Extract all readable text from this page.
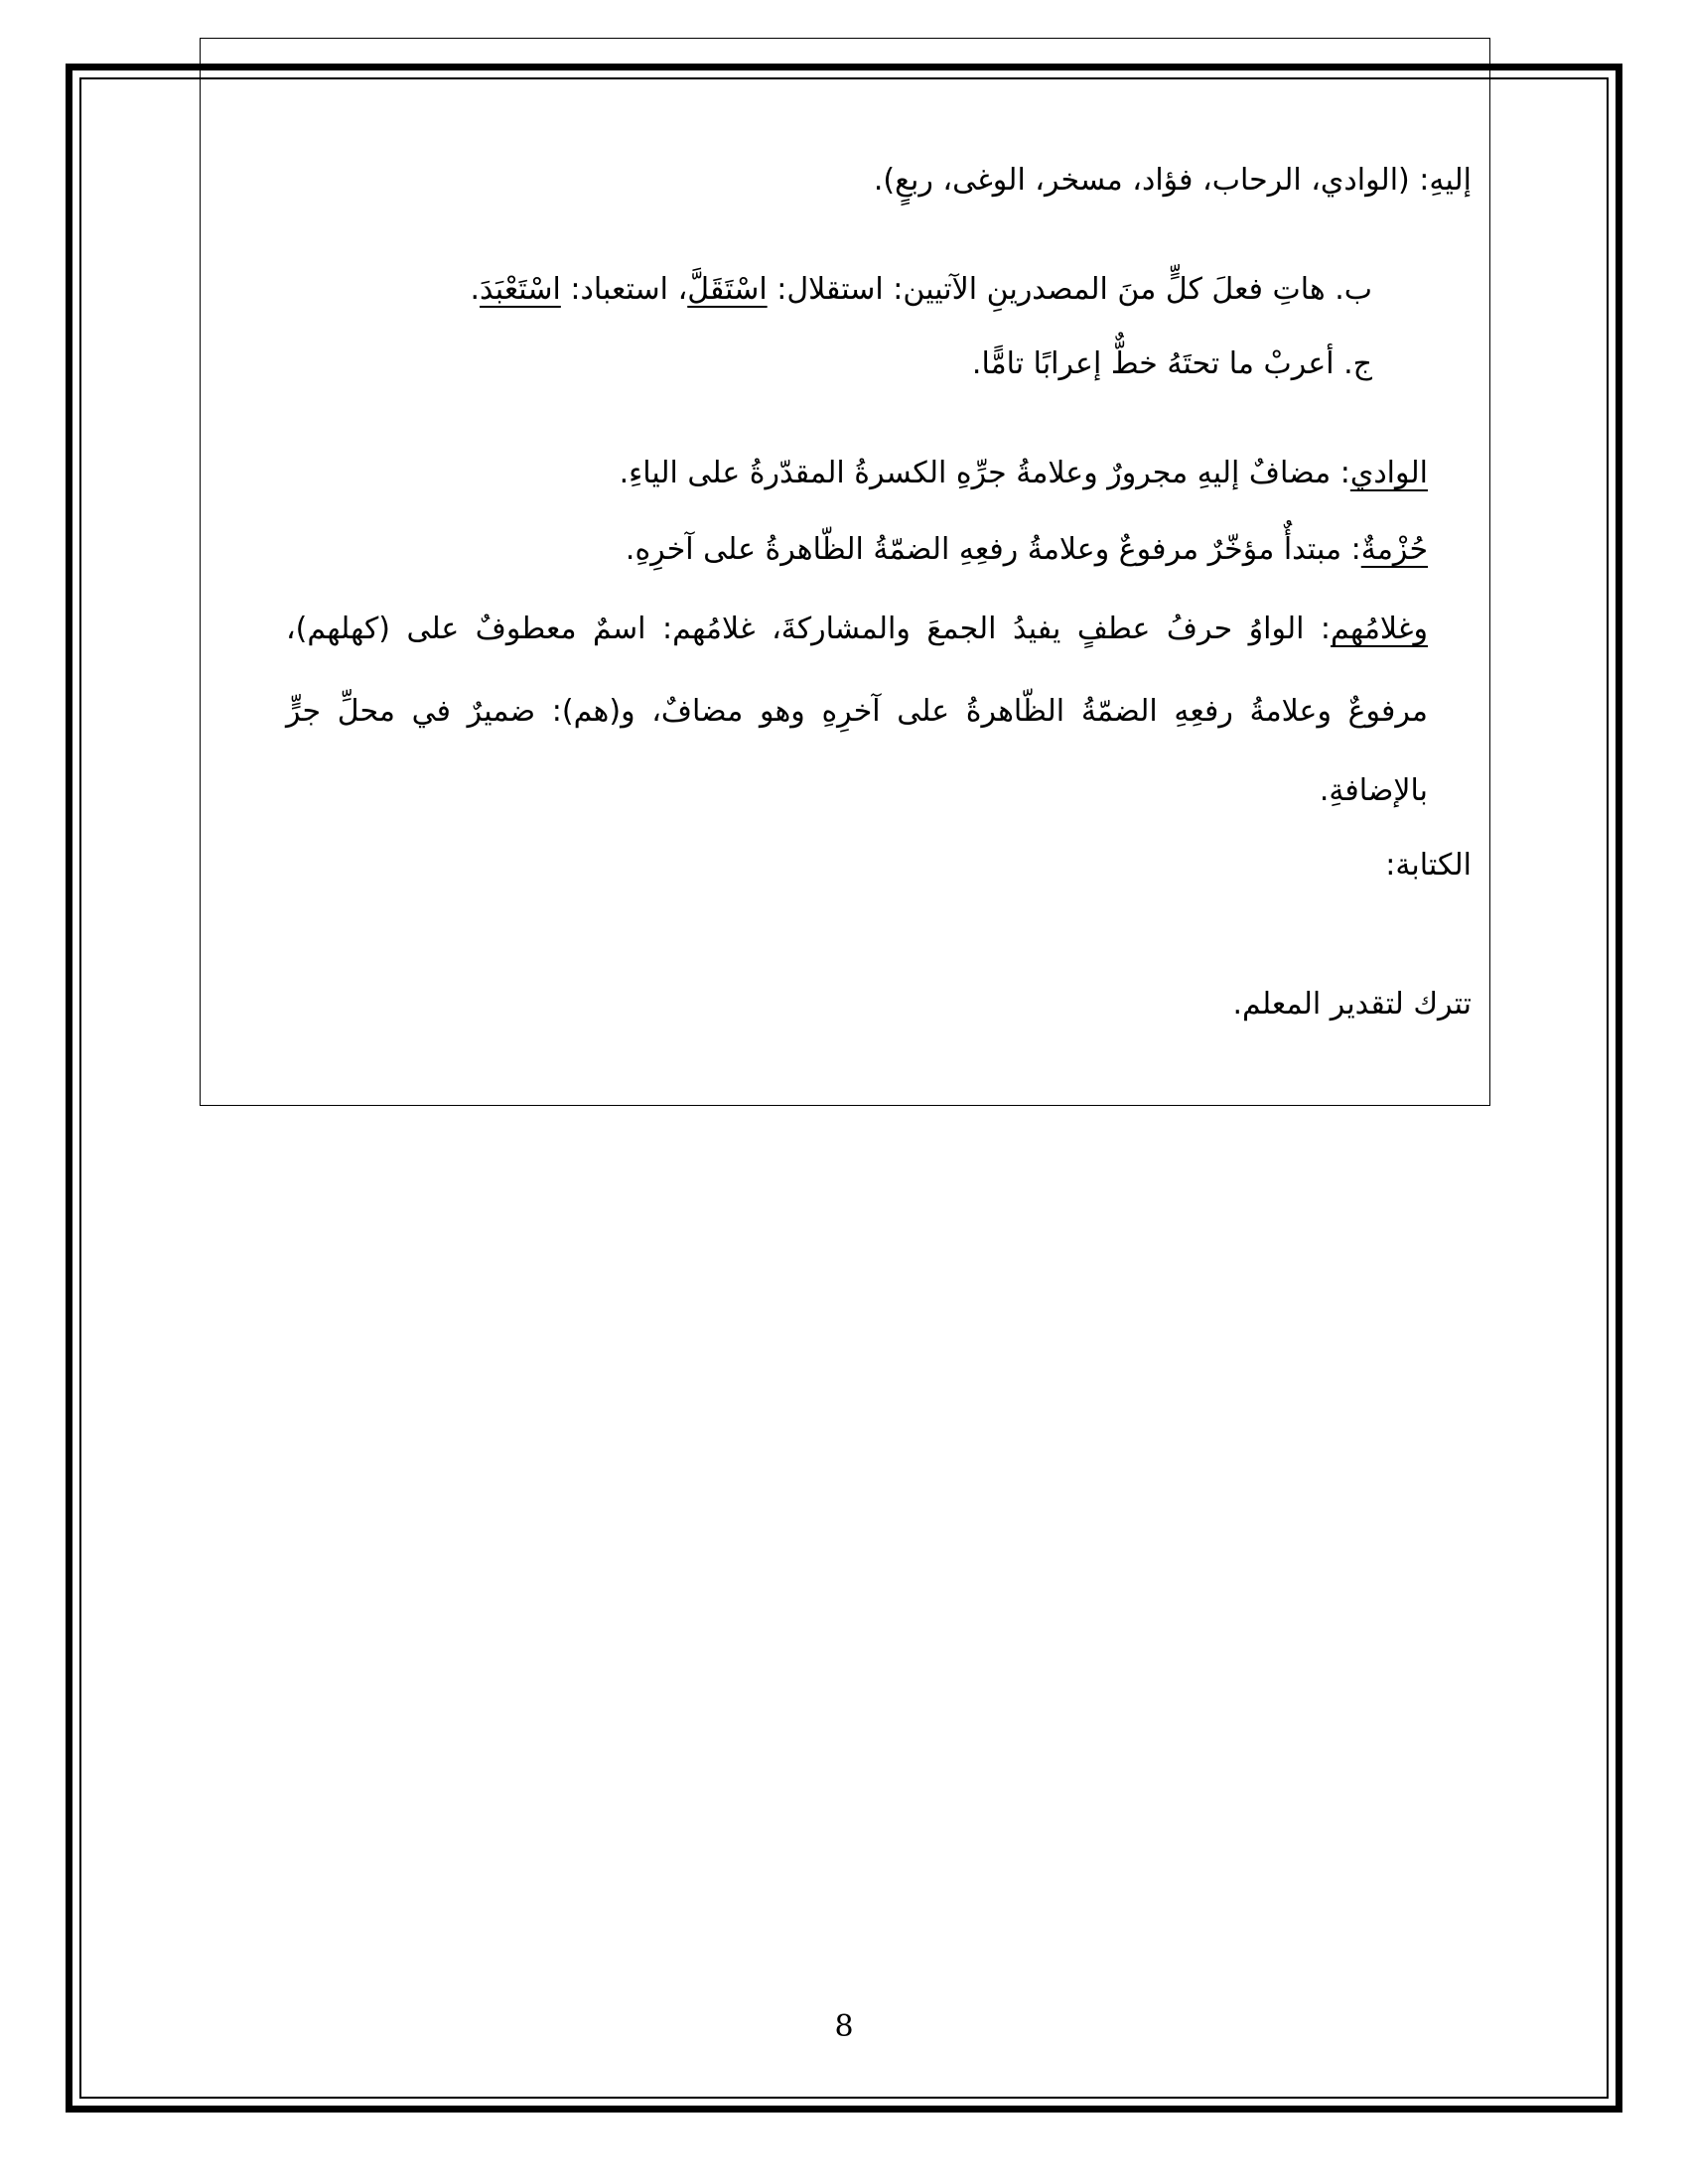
إليهِ: (الوادي، الرحاب، فؤاد، مسخر، الوغى، ربعٍ).
ب. هاتِ فعلَ كلٍّ منَ المصدرينِ الآتيين: استقلال: اسْتَقَلَّ، استعباد: اسْتَعْبَدَ.
ج. أعربْ ما تحتَهُ خطٌّ إعرابًا تامًّا.
الوادي: مضافٌ إليهِ مجرورٌ وعلامةُ جرِّهِ الكسرةُ المقدّرةُ على الياءِ.
حُزْمةٌ: مبتدأٌ مؤخّرٌ مرفوعٌ وعلامةُ رفعِهِ الضمّةُ الظّاهرةُ على آخرِهِ.
وغلامُهم: الواوُ حرفُ عطفٍ يفيدُ الجمعَ والمشاركةَ، غلامُهم: اسمٌ معطوفٌ على (كهلهم)،
مرفوعٌ وعلامةُ رفعِهِ الضمّةُ الظّاهرةُ على آخرِهِ وهو مضافٌ، و(هم): ضميرٌ في محلِّ جرٍّ
بالإضافةِ.
الكتابة:
تترك لتقدير المعلم.
8
